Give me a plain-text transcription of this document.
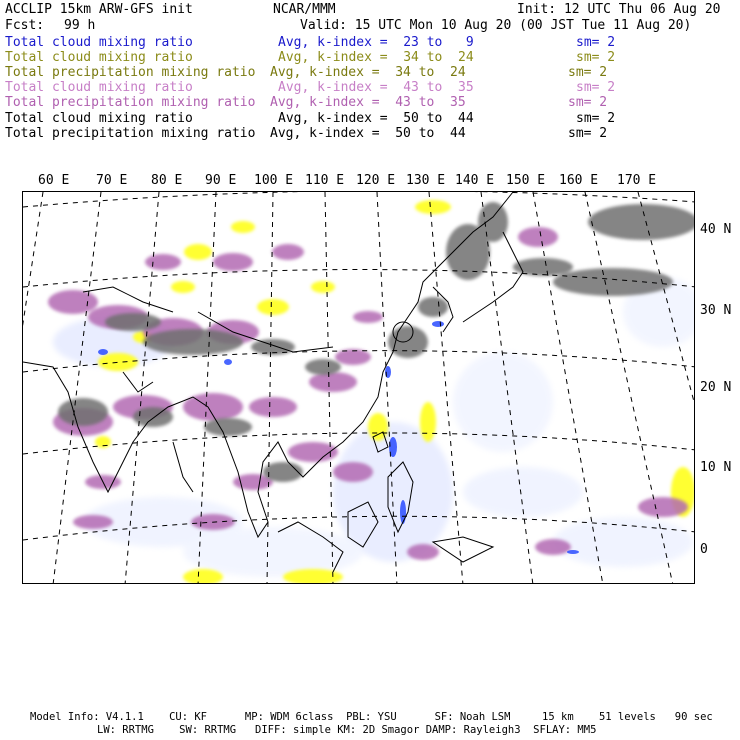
ACCLIP 15km ARW-GFS init	NCAR/MMM	Init: 12 UTC Thu 06 Aug 20
Fcst: 99 h	Valid: 15 UTC Mon 10 Aug 20 (00 JST Tue 11 Aug 20)
Total cloud mixing ratio	Avg, k-index =  23 to   9	sm= 2
Total cloud mixing ratio	Avg, k-index =  34 to  24	sm= 2
Total precipitation mixing ratio Avg, k-index =  34 to  24	sm= 2
Total cloud mixing ratio	Avg, k-index =  43 to  35	sm= 2
Total precipitation mixing ratio Avg, k-index =  43 to  35	sm= 2
Total cloud mixing ratio	Avg, k-index =  50 to  44	sm= 2
Total precipitation mixing ratio Avg, k-index =  50 to  44	sm= 2
60 E 70 E 80 E 90 E 100 E 110 E 120 E 130 E 140 E 150 E 160 E 170 E
40 N
30 N
20 N
10 N
0
Model Info: V4.1.1    CU: KF      MP: WDM 6class  PBL: YSU      SF: Noah LSM     15 km    51 levels   90 sec
LW: RRTMG    SW: RRTMG   DIFF: simple KM: 2D Smagor DAMP: Rayleigh3  SFLAY: MM5
